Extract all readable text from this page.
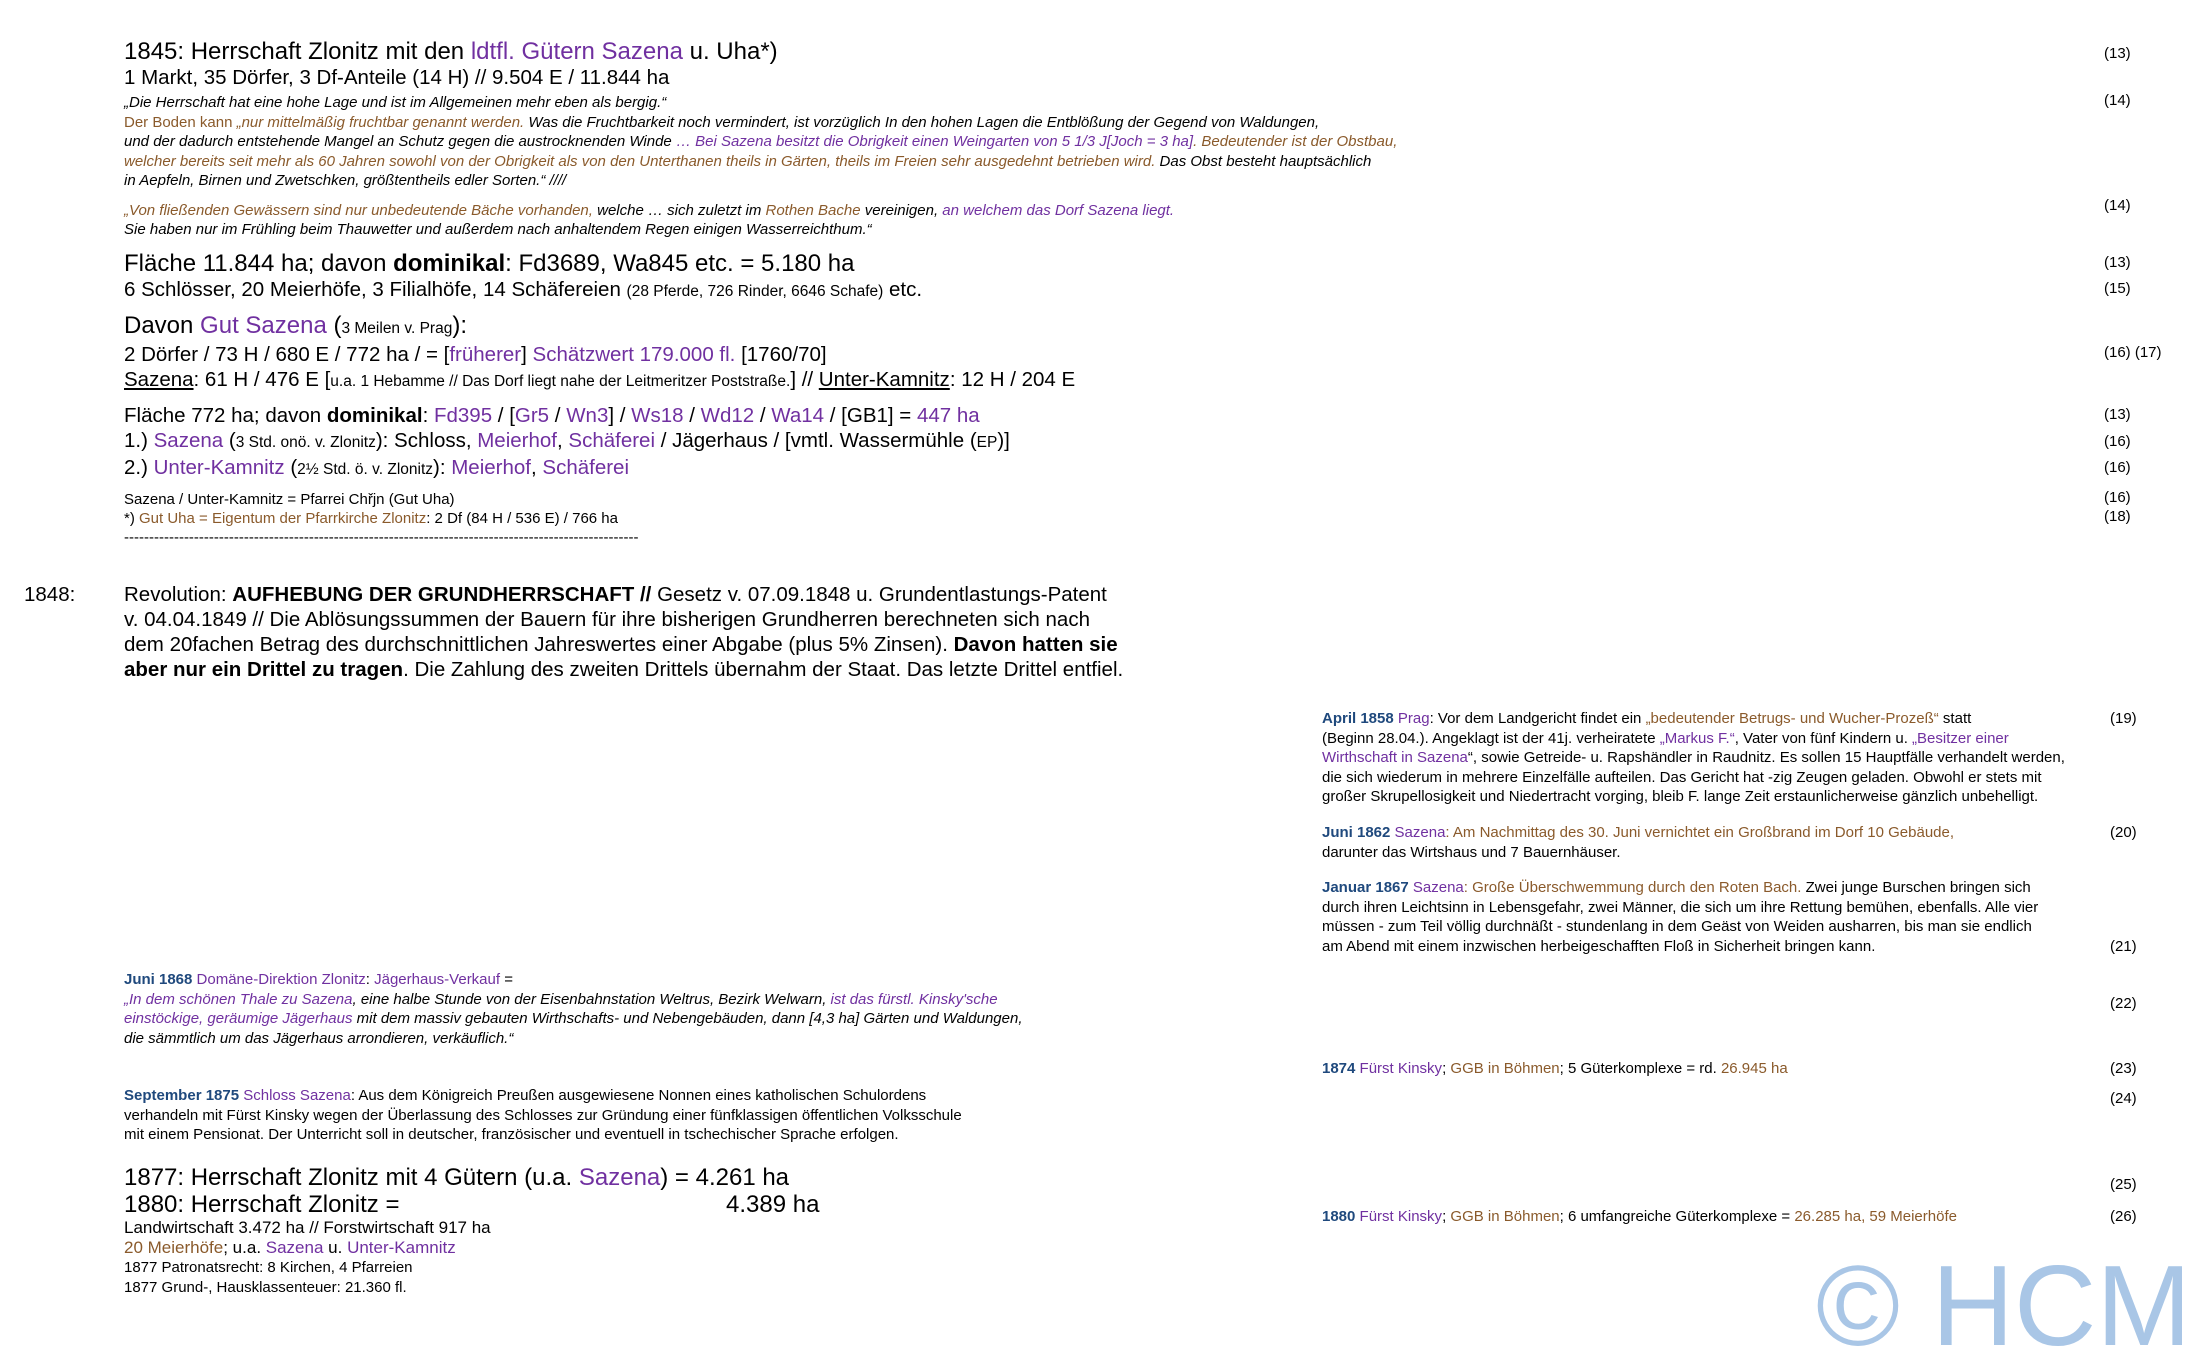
1845: Herrschaft Zlonitz mit den ldtfl. Gütern Sazena u. Uha*)
1 Markt, 35 Dörfer, 3 Df-Anteile (14 H) // 9.504 E / 11.844 ha
„Die Herrschaft hat eine hohe Lage und ist im Allgemeinen mehr eben als bergig.“
Der Boden kann „nur mittelmäßig fruchtbar genannt werden. Was die Fruchtbarkeit noch vermindert, ist vorzüglich In den hohen Lagen die Entblößung der Gegend von Waldungen,
und der dadurch entstehende Mangel an Schutz gegen die austrocknenden Winde … Bei Sazena besitzt die Obrigkeit einen Weingarten von 5 1/3 J[Joch = 3 ha]. Bedeutender ist der Obstbau,
welcher bereits seit mehr als 60 Jahren sowohl von der Obrigkeit als von den Unterthanen theils in Gärten, theils im Freien sehr ausgedehnt betrieben wird. Das Obst besteht hauptsächlich
in Aepfeln, Birnen und Zwetschken, größtentheils edler Sorten.“ ////
„Von fließenden Gewässern sind nur unbedeutende Bäche vorhanden, welche … sich zuletzt im Rothen Bache vereinigen, an welchem das Dorf Sazena liegt.
Sie haben nur im Frühling beim Thauwetter und außerdem nach anhaltendem Regen einigen Wasserreichthum.“
Fläche 11.844 ha; davon dominikal: Fd3689, Wa845 etc. = 5.180 ha
6 Schlösser, 20 Meierhöfe, 3 Filialhöfe, 14 Schäfereien (28 Pferde, 726 Rinder, 6646 Schafe) etc.
Davon Gut Sazena (3 Meilen v. Prag):
2 Dörfer / 73 H / 680 E / 772 ha / = [früherer] Schätzwert 179.000 fl. [1760/70]
Sazena: 61 H / 476 E [u.a. 1 Hebamme // Das Dorf liegt nahe der Leitmeritzer Poststraße.] // Unter-Kamnitz: 12 H / 204 E
Fläche 772 ha; davon dominikal: Fd395 / [Gr5 / Wn3] / Ws18 / Wd12 / Wa14 / [GB1] = 447 ha
1.) Sazena (3 Std. onö. v. Zlonitz): Schloss, Meierhof, Schäferei / Jägerhaus / [vmtl. Wassermühle (EP)]
2.) Unter-Kamnitz (2½ Std. ö. v. Zlonitz): Meierhof, Schäferei
Sazena / Unter-Kamnitz = Pfarrei Chřjn (Gut Uha)
*) Gut Uha = Eigentum der Pfarrkirche Zlonitz: 2 Df (84 H / 536 E) / 766 ha
-------------------------------------------------------------------------------------------------------
1848: Revolution: AUFHEBUNG DER GRUNDHERRSCHAFT // Gesetz v. 07.09.1848 u. Grundentlastungs-Patent
v. 04.04.1849 // Die Ablösungssummen der Bauern für ihre bisherigen Grundherren berechneten sich nach
dem 20fachen Betrag des durchschnittlichen Jahreswertes einer Abgabe (plus 5% Zinsen). Davon hatten sie
aber nur ein Drittel zu tragen. Die Zahlung des zweiten Drittels übernahm der Staat. Das letzte Drittel entfiel.
April 1858 Prag: Vor dem Landgericht findet ein „bedeutender Betrugs- und Wucher-Prozeß“ statt
(Beginn 28.04.). Angeklagt ist der 41j. verheiratete „Markus F.“, Vater von fünf Kindern u. „Besitzer einer
Wirthschaft in Sazena“, sowie Getreide- u. Rapshändler in Raudnitz. Es sollen 15 Hauptfälle verhandelt werden,
die sich wiederum in mehrere Einzelfälle aufteilen. Das Gericht hat -zig Zeugen geladen. Obwohl er stets mit
großer Skrupellosigkeit und Niedertracht vorging, bleib F. lange Zeit erstaunlicherweise gänzlich unbehelligt.
Juni 1862 Sazena: Am Nachmittag des 30. Juni vernichtet ein Großbrand im Dorf 10 Gebäude,
darunter das Wirtshaus und 7 Bauernhäuser.
Januar 1867 Sazena: Große Überschwemmung durch den Roten Bach. Zwei junge Burschen bringen sich
durch ihren Leichtsinn in Lebensgefahr, zwei Männer, die sich um ihre Rettung bemühen, ebenfalls. Alle vier
müssen - zum Teil völlig durchnäßt - stundenlang in dem Geäst von Weiden ausharren, bis man sie endlich
am Abend mit einem inzwischen herbeigeschafften Floß in Sicherheit bringen kann.
1874 Fürst Kinsky; GGB in Böhmen; 5 Güterkomplexe = rd. 26.945 ha
1880 Fürst Kinsky; GGB in Böhmen; 6 umfangreiche Güterkomplexe = 26.285 ha, 59 Meierhöfe
Juni 1868 Domäne-Direktion Zlonitz: Jägerhaus-Verkauf =
„In dem schönen Thale zu Sazena, eine halbe Stunde von der Eisenbahnstation Weltrus, Bezirk Welwarn, ist das fürstl. Kinsky'sche
einstöckige, geräumige Jägerhaus mit dem massiv gebauten Wirthschafts- und Nebengebäuden, dann [4,3 ha] Gärten und Waldungen,
die sämmtlich um das Jägerhaus arrondieren, verkäuflich.“
September 1875 Schloss Sazena: Aus dem Königreich Preußen ausgewiesene Nonnen eines katholischen Schulordens
verhandeln mit Fürst Kinsky wegen der Überlassung des Schlosses zur Gründung einer fünfklassigen öffentlichen Volksschule
mit einem Pensionat. Der Unterricht soll in deutscher, französischer und eventuell in tschechischer Sprache erfolgen.
1877: Herrschaft Zlonitz mit 4 Gütern (u.a. Sazena) = 4.261 ha
1880: Herrschaft Zlonitz =	4.389 ha
Landwirtschaft 3.472 ha // Forstwirtschaft 917 ha
20 Meierhöfe; u.a. Sazena u. Unter-Kamnitz
1877 Patronatsrecht: 8 Kirchen, 4 Pfarreien
1877 Grund-, Hausklassenteuer: 21.360 fl.
(13)
(14)
(14)
(13)
(15)
(16) (17)
(13)
(16)
(16)
(16)
(18)
(19)
(20)
(21)
(22)
(23)
(24)
(25)
(26)
© HCM
